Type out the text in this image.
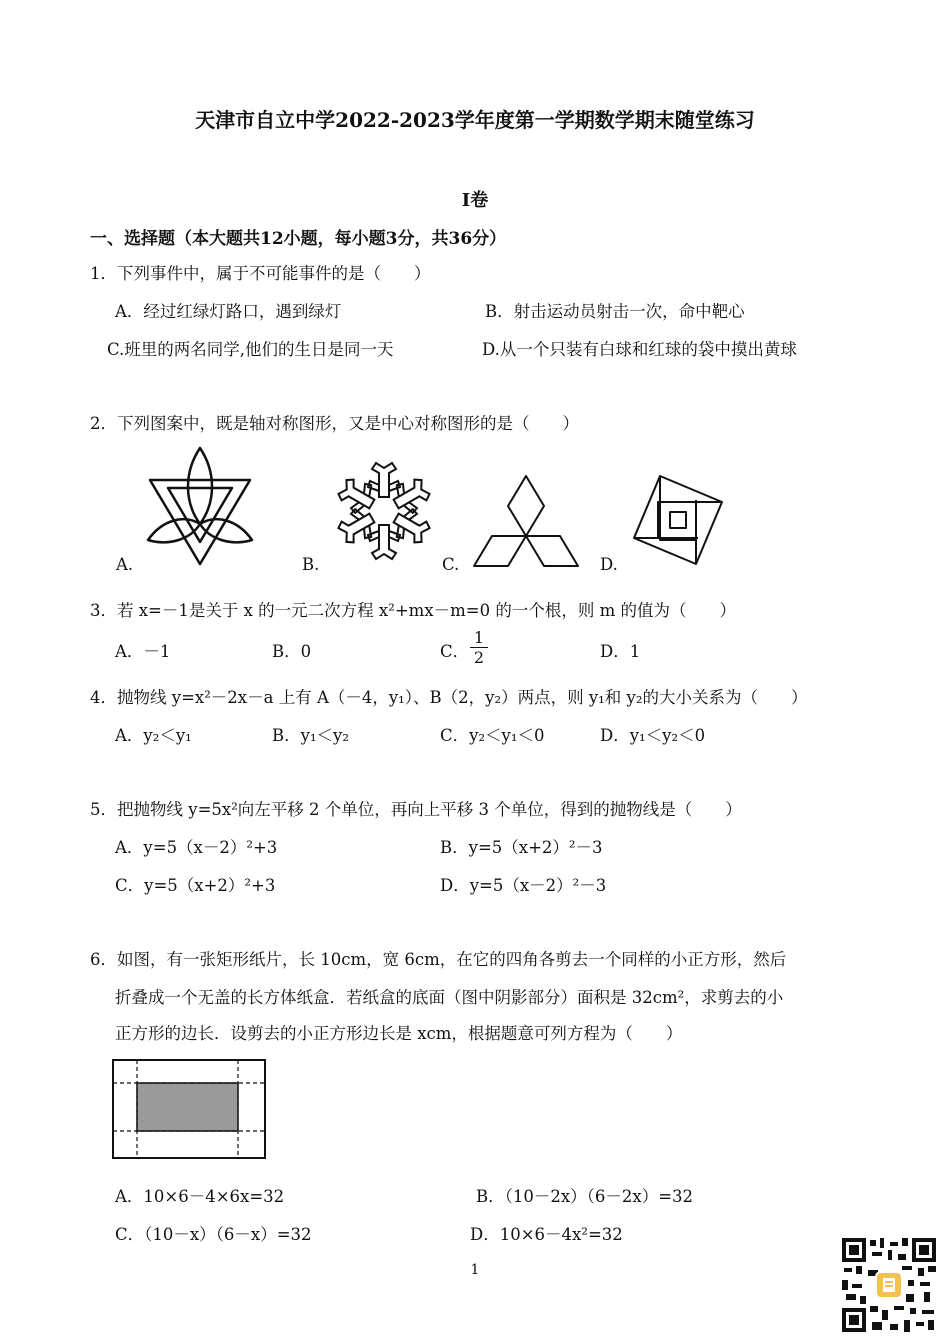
天津市自立中学2022-2023学年度第一学期数学期末随堂练习
I卷
一、选择题（本大题共12小题，每小题3分，共36分）
1．下列事件中，属于不可能事件的是（　　）
A．经过红绿灯路口，遇到绿灯	B．射击运动员射击一次，命中靶心
C.班里的两名同学,他们的生日是同一天	D.从一个只装有白球和红球的袋中摸出黄球
2．下列图案中，既是轴对称图形，又是中心对称图形的是（　　）
A.	B.	C.	D.
3．若 x=－1是关于 x 的一元二次方程 x²+mx－m=0 的一个根，则 m 的值为（　　）
A．－1	B．0	C． $\frac{1}{2}$	D．1
4．抛物线 y=x²－2x－a 上有 A（－4，y₁）、B（2，y₂）两点，则 y₁和 y₂的大小关系为（　　）
A．y₂＜y₁	B．y₁＜y₂	C．y₂＜y₁＜0	D．y₁＜y₂＜0
5．把抛物线 y=5x²向左平移 2 个单位，再向上平移 3 个单位，得到的抛物线是（　　）
A．y=5（x－2）²+3	B．y=5（x+2）²－3
C．y=5（x+2）²+3	D．y=5（x－2）²－3
6．如图，有一张矩形纸片，长 10cm，宽 6cm，在它的四角各剪去一个同样的小正方形，然后
折叠成一个无盖的长方体纸盒．若纸盒的底面（图中阴影部分）面积是 32cm²，求剪去的小
正方形的边长．设剪去的小正方形边长是 xcm，根据题意可列方程为（　　）
A．10×6－4×6x=32	B．（10－2x）（6－2x）=32
C．（10－x）（6－x）=32	D．10×6－4x²=32
1
